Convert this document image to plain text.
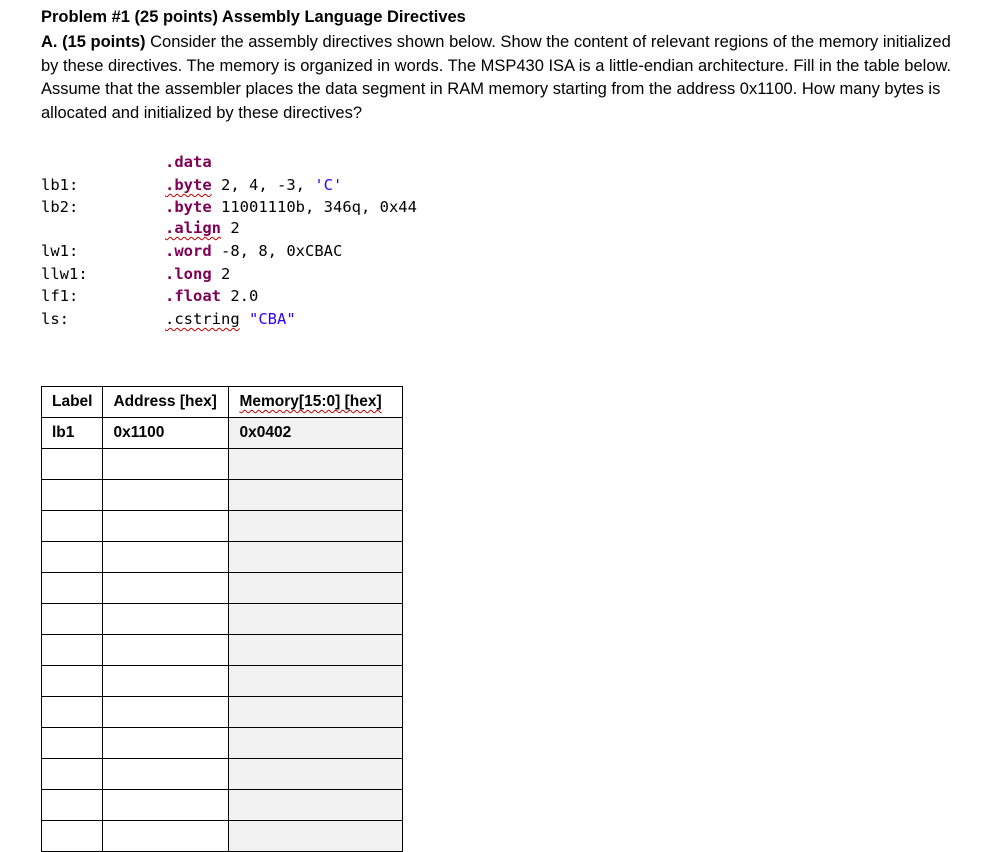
Problem #1 (25 points) Assembly Language Directives
A. (15 points) Consider the assembly directives shown below. Show the content of relevant regions of the memory initialized by these directives. The memory is organized in words. The MSP430 ISA is a little-endian architecture. Fill in the table below. Assume that the assembler places the data segment in RAM memory starting from the address 0x1100. How many bytes is allocated and initialized by these directives?
.data
lb1:	.byte 2, 4, -3, 'C'
lb2:	.byte 11001110b, 346q, 0x44
.align 2
lw1:	.word -8, 8, 0xCBAC
llw1:	.long 2
lf1:	.float 2.0
ls:	.cstring "CBA"
Label	Address [hex]	Memory[15:0] [hex]
lb1	0x1100	0x0402
